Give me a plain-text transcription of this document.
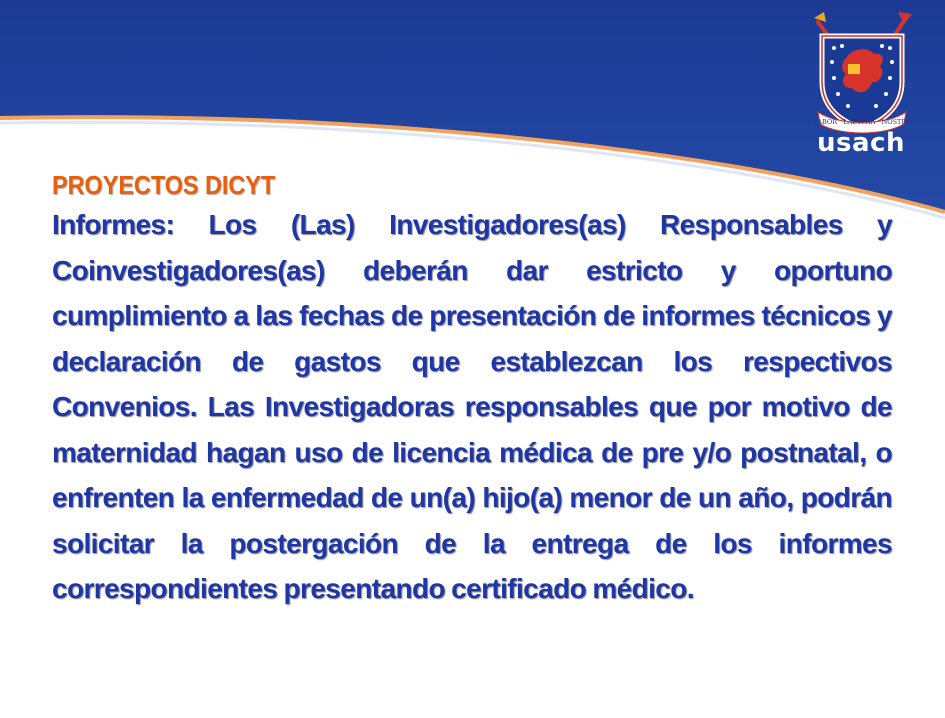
LABOR LAETITIA NOSTRA
usach

PROYECTOS DICYT

Informes: Los (Las) Investigadores(as) Responsables y Coinvestigadores(as) deberán dar estricto y oportuno cumplimiento a las fechas de presentación de informes técnicos y declaración de gastos que establezcan los respectivos Convenios. Las Investigadoras responsables que por motivo de maternidad hagan uso de licencia médica de pre y/o postnatal, o enfrenten la enfermedad de un(a) hijo(a) menor de un año, podrán solicitar la postergación de la entrega de los informes correspondientes presentando certificado médico.
